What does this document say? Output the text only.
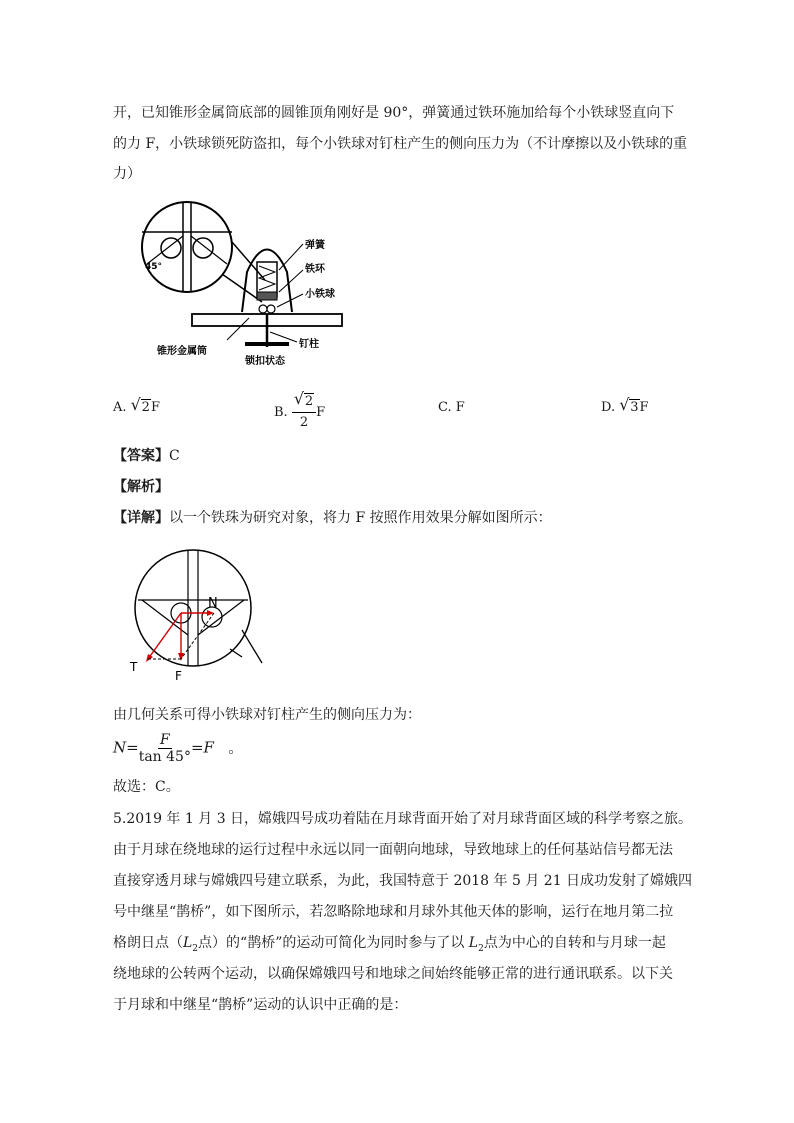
开，已知锥形金属筒底部的圆锥顶角刚好是 90°，弹簧通过铁环施加给每个小铁球竖直向下
的力 F，小铁球锁死防盗扣，每个小铁球对钉柱产生的侧向压力为（不计摩擦以及小铁球的重
力）
45°
弹簧
铁环
小铁球
钉柱
锥形金属筒
锁扣状态
A. √ 2F	B. $\frac{√ 2}{2}$ F	C. F	D. √ 3F
【答案】C
【解析】
【详解】以一个铁珠为研究对象，将力 F 按照作用效果分解如图所示：
N
T
F
由几何关系可得小铁球对钉柱产生的侧向压力为：
$N= \frac{F}{\tan 45^\circ} =F$ 。
故选：C。
5.2019 年 1 月 3 日，嫦娥四号成功着陆在月球背面开始了对月球背面区域的科学考察之旅。
由于月球在绕地球的运行过程中永远以同一面朝向地球，导致地球上的任何基站信号都无法
直接穿透月球与嫦娥四号建立联系，为此，我国特意于 2018 年 5 月 21 日成功发射了嫦娥四
号中继星“鹊桥”，如下图所示，若忽略除地球和月球外其他天体的影响，运行在地月第二拉
格朗日点（$L_2$点）的“鹊桥”的运动可简化为同时参与了以 $L_2$点为中心的自转和与月球一起
绕地球的公转两个运动，以确保嫦娥四号和地球之间始终能够正常的进行通讯联系。以下关
于月球和中继星“鹊桥”运动的认识中正确的是：
